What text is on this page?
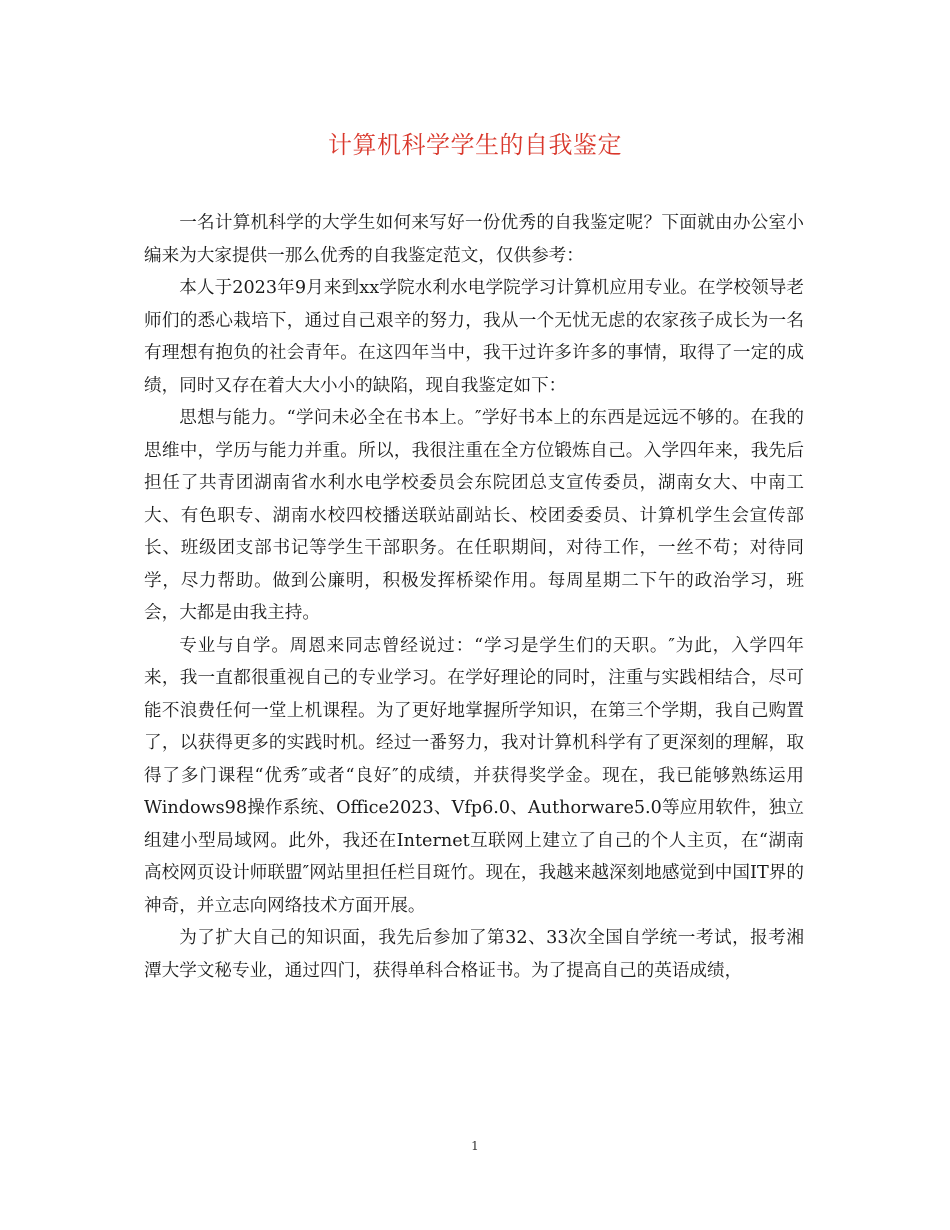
计算机科学学生的自我鉴定

一名计算机科学的大学生如何来写好一份优秀的自我鉴定呢？下面就由办公室小编来为大家提供一那么优秀的自我鉴定范文，仅供参考：

本人于2023年9月来到xx学院水利水电学院学习计算机应用专业。在学校领导老师们的悉心栽培下，通过自己艰辛的努力，我从一个无忧无虑的农家孩子成长为一名有理想有抱负的社会青年。在这四年当中，我干过许多许多的事情，取得了一定的成绩，同时又存在着大大小小的缺陷，现自我鉴定如下：

思想与能力。“学问未必全在书本上。″学好书本上的东西是远远不够的。在我的思维中，学历与能力并重。所以，我很注重在全方位锻炼自己。入学四年来，我先后担任了共青团湖南省水利水电学校委员会东院团总支宣传委员，湖南女大、中南工大、有色职专、湖南水校四校播送联站副站长、校团委委员、计算机学生会宣传部长、班级团支部书记等学生干部职务。在任职期间，对待工作，一丝不苟；对待同学，尽力帮助。做到公廉明，积极发挥桥梁作用。每周星期二下午的政治学习，班会，大都是由我主持。

专业与自学。周恩来同志曾经说过：“学习是学生们的天职。″为此，入学四年来，我一直都很重视自己的专业学习。在学好理论的同时，注重与实践相结合，尽可能不浪费任何一堂上机课程。为了更好地掌握所学知识，在第三个学期，我自己购置了，以获得更多的实践时机。经过一番努力，我对计算机科学有了更深刻的理解，取得了多门课程“优秀″或者“良好″的成绩，并获得奖学金。现在，我已能够熟练运用Windows98操作系统、Office2023、Vfp6.0、Authorware5.0等应用软件，独立组建小型局域网。此外，我还在Internet互联网上建立了自己的个人主页，在“湖南高校网页设计师联盟″网站里担任栏目斑竹。现在，我越来越深刻地感觉到中国IT界的神奇，并立志向网络技术方面开展。

为了扩大自己的知识面，我先后参加了第32、33次全国自学统一考试，报考湘潭大学文秘专业，通过四门，获得单科合格证书。为了提高自己的英语成绩，

1
